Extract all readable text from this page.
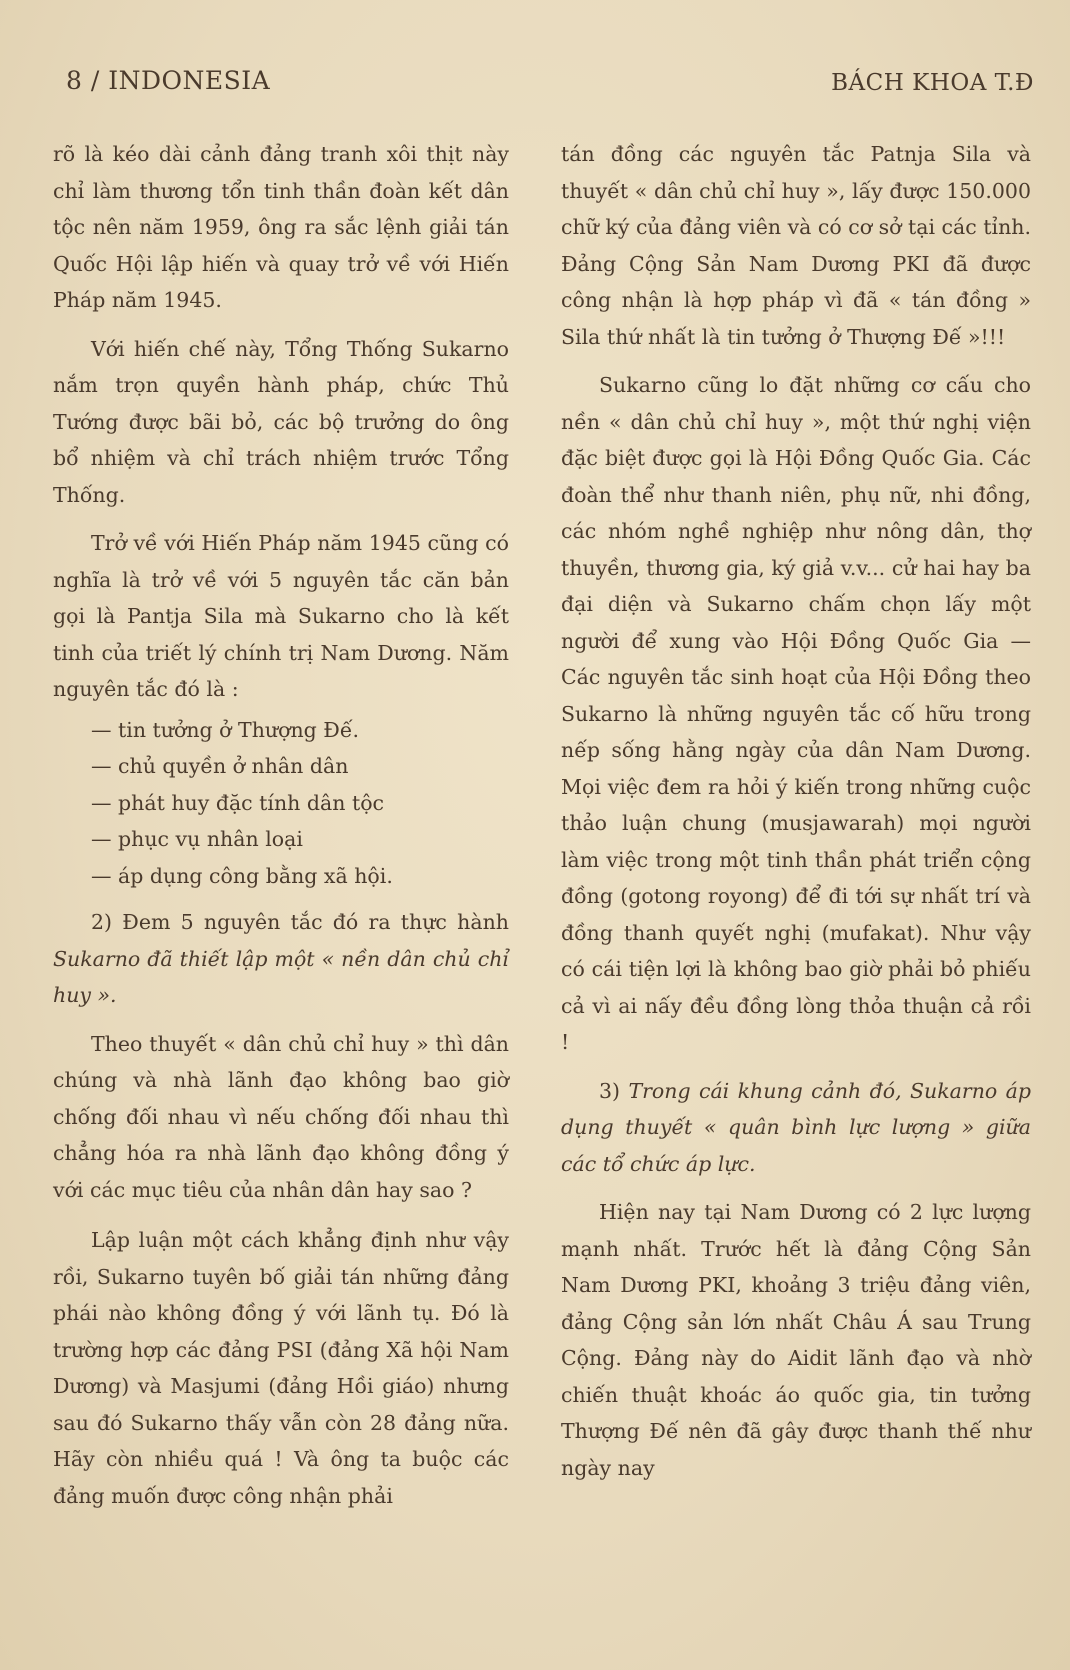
8 / INDONESIA	BÁCH KHOA T.Đ

rõ là kéo dài cảnh đảng tranh xôi thịt này chỉ làm thương tổn tinh thần đoàn kết dân tộc nên năm 1959, ông ra sắc lệnh giải tán Quốc Hội lập hiến và quay trở về với Hiến Pháp năm 1945.

Với hiến chế này, Tổng Thống Sukarno nắm trọn quyền hành pháp, chức Thủ Tướng được bãi bỏ, các bộ trưởng do ông bổ nhiệm và chỉ trách nhiệm trước Tổng Thống.

Trở về với Hiến Pháp năm 1945 cũng có nghĩa là trở về với 5 nguyên tắc căn bản gọi là Pantja Sila mà Sukarno cho là kết tinh của triết lý chính trị Nam Dương. Năm nguyên tắc đó là :

— tin tưởng ở Thượng Đế.
— chủ quyền ở nhân dân
— phát huy đặc tính dân tộc
— phục vụ nhân loại
— áp dụng công bằng xã hội.

2) Đem 5 nguyên tắc đó ra thực hành Sukarno đã thiết lập một « nền dân chủ chỉ huy ».

Theo thuyết « dân chủ chỉ huy » thì dân chúng và nhà lãnh đạo không bao giờ chống đối nhau vì nếu chống đối nhau thì chẳng hóa ra nhà lãnh đạo không đồng ý với các mục tiêu của nhân dân hay sao ?

Lập luận một cách khẳng định như vậy rồi, Sukarno tuyên bố giải tán những đảng phái nào không đồng ý với lãnh tụ. Đó là trường hợp các đảng PSI (đảng Xã hội Nam Dương) và Masjumi (đảng Hồi giáo) nhưng sau đó Sukarno thấy vẫn còn 28 đảng nữa. Hãy còn nhiều quá ! Và ông ta buộc các đảng muốn được công nhận phải

tán đồng các nguyên tắc Patnja Sila và thuyết « dân chủ chỉ huy », lấy được 150.000 chữ ký của đảng viên và có cơ sở tại các tỉnh. Đảng Cộng Sản Nam Dương PKI đã được công nhận là hợp pháp vì đã « tán đồng » Sila thứ nhất là tin tưởng ở Thượng Đế »!!!

Sukarno cũng lo đặt những cơ cấu cho nền « dân chủ chỉ huy », một thứ nghị viện đặc biệt được gọi là Hội Đồng Quốc Gia. Các đoàn thể như thanh niên, phụ nữ, nhi đồng, các nhóm nghề nghiệp như nông dân, thợ thuyền, thương gia, ký giả v.v... cử hai hay ba đại diện và Sukarno chấm chọn lấy một người để xung vào Hội Đồng Quốc Gia — Các nguyên tắc sinh hoạt của Hội Đồng theo Sukarno là những nguyên tắc cố hữu trong nếp sống hằng ngày của dân Nam Dương. Mọi việc đem ra hỏi ý kiến trong những cuộc thảo luận chung (musjawarah) mọi người làm việc trong một tinh thần phát triển cộng đồng (gotong royong) để đi tới sự nhất trí và đồng thanh quyết nghị (mufakat). Như vậy có cái tiện lợi là không bao giờ phải bỏ phiếu cả vì ai nấy đều đồng lòng thỏa thuận cả rồi !

3) Trong cái khung cảnh đó, Sukarno áp dụng thuyết « quân bình lực lượng » giữa các tổ chức áp lực.

Hiện nay tại Nam Dương có 2 lực lượng mạnh nhất. Trước hết là đảng Cộng Sản Nam Dương PKI, khoảng 3 triệu đảng viên, đảng Cộng sản lớn nhất Châu Á sau Trung Cộng. Đảng này do Aidit lãnh đạo và nhờ chiến thuật khoác áo quốc gia, tin tưởng Thượng Đế nên đã gây được thanh thế như ngày nay
